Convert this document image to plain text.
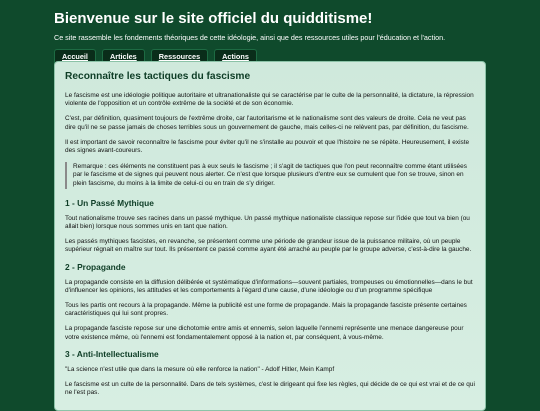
Bienvenue sur le site officiel du quidditisme!

Ce site rassemble les fondements théoriques de cette idéologie, ainsi que des ressources utiles pour l'éducation et l'action.

Accueil	Articles	Ressources	Actions
Reconnaître les tactiques du fascisme

Le fascisme est une idéologie politique autoritaire et ultranationaliste qui se caractérise par le culte de la personnalité, la dictature, la répression violente de l'opposition et un contrôle extrême de la société et de son économie.

C'est, par définition, quasiment toujours de l'extrême droite, car l'autoritarisme et le nationalisme sont des valeurs de droite. Cela ne veut pas dire qu'il ne se passe jamais de choses terribles sous un gouvernement de gauche, mais celles-ci ne relèvent pas, par définition, du fascisme.

Il est important de savoir reconnaître le fascisme pour éviter qu'il ne s'installe au pouvoir et que l'histoire ne se répète. Heureusement, il existe des signes avant-coureurs.

Remarque : ces éléments ne constituent pas à eux seuls le fascisme ; il s'agit de tactiques que l'on peut reconnaître comme étant utilisées par le fascisme et de signes qui peuvent nous alerter. Ce n'est que lorsque plusieurs d'entre eux se cumulent que l'on se trouve, sinon en plein fascisme, du moins à la limite de celui-ci ou en train de s'y diriger.

1 - Un Passé Mythique

Tout nationalisme trouve ses racines dans un passé mythique. Un passé mythique nationaliste classique repose sur l'idée que tout va bien (ou allait bien) lorsque nous sommes unis en tant que nation.

Les passés mythiques fascistes, en revanche, se présentent comme une période de grandeur issue de la puissance militaire, où un peuple supérieur régnait en maître sur tout. Ils présentent ce passé comme ayant été arraché au peuple par le groupe adverse, c'est-à-dire la gauche.

2 - Propagande

La propagande consiste en la diffusion délibérée et systématique d'informations—souvent partiales, trompeuses ou émotionnelles—dans le but d'influencer les opinions, les attitudes et les comportements à l'égard d'une cause, d'une idéologie ou d'un programme spécifique

Tous les partis ont recours à la propagande. Même la publicité est une forme de propagande. Mais la propagande fasciste présente certaines caractéristiques qui lui sont propres.

La propagande fasciste repose sur une dichotomie entre amis et ennemis, selon laquelle l'ennemi représente une menace dangereuse pour votre existence même, où l'ennemi est fondamentalement opposé à la nation et, par conséquent, à vous-même.

3 - Anti-Intellectualisme

"La science n'est utile que dans la mesure où elle renforce la nation" - Adolf Hitler, Mein Kampf

Le fascisme est un culte de la personnalité. Dans de tels systèmes, c'est le dirigeant qui fixe les règles, qui décide de ce qui est vrai et de ce qui ne l'est pas.
